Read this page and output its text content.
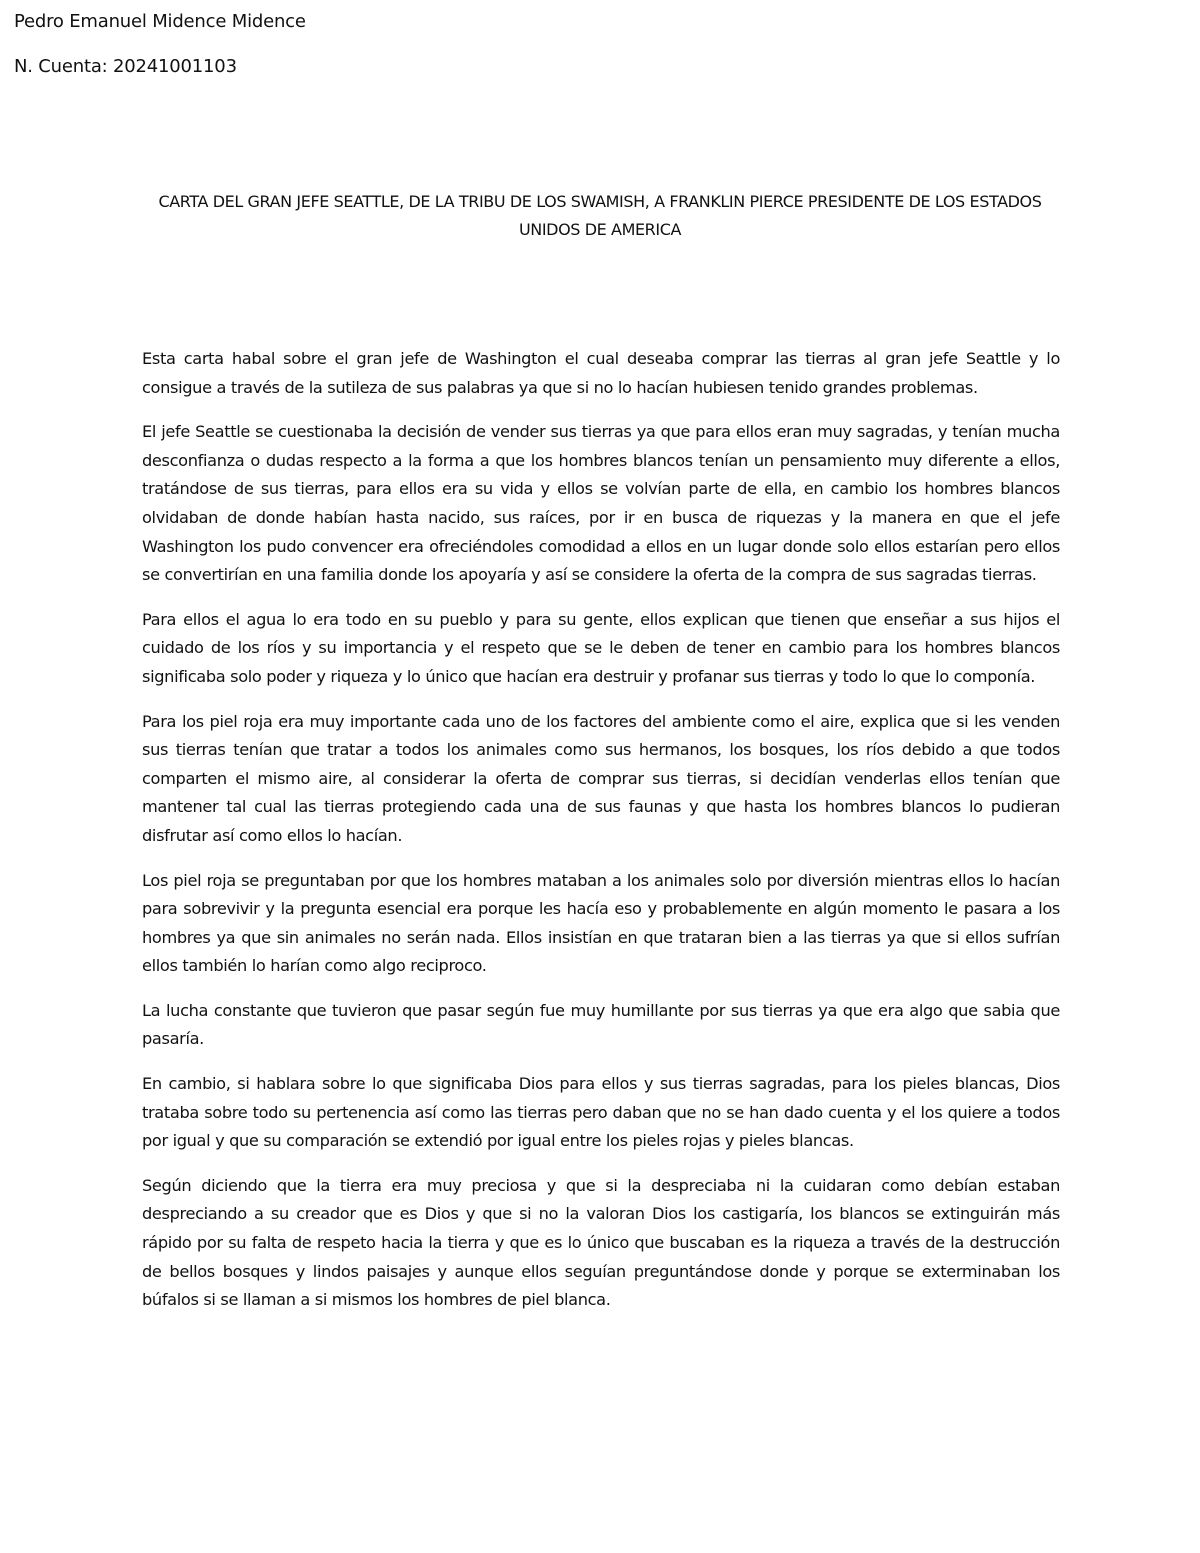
Pedro Emanuel Midence Midence
N. Cuenta: 20241001103
CARTA DEL GRAN JEFE SEATTLE, DE LA TRIBU DE LOS SWAMISH, A FRANKLIN PIERCE PRESIDENTE DE LOS ESTADOS UNIDOS DE AMERICA

Esta carta habal sobre el gran jefe de Washington el cual deseaba comprar las tierras al gran jefe Seattle y lo consigue a través de la sutileza de sus palabras ya que si no lo hacían hubiesen tenido grandes problemas.

El jefe Seattle se cuestionaba la decisión de vender sus tierras ya que para ellos eran muy sagradas, y tenían mucha desconfianza o dudas respecto a la forma a que los hombres blancos tenían un pensamiento muy diferente a ellos, tratándose de sus tierras, para ellos era su vida y ellos se volvían parte de ella, en cambio los hombres blancos olvidaban de donde habían hasta nacido, sus raíces, por ir en busca de riquezas y la manera en que el jefe Washington los pudo convencer era ofreciéndoles comodidad a ellos en un lugar donde solo ellos estarían pero ellos se convertirían en una familia donde los apoyaría y así se considere la oferta de la compra de sus sagradas tierras.

Para ellos el agua lo era todo en su pueblo y para su gente, ellos explican que tienen que enseñar a sus hijos el cuidado de los ríos y su importancia y el respeto que se le deben de tener en cambio para los hombres blancos significaba solo poder y riqueza y lo único que hacían era destruir y profanar sus tierras y todo lo que lo componía.

Para los piel roja era muy importante cada uno de los factores del ambiente como el aire, explica que si les venden sus tierras tenían que tratar a todos los animales como sus hermanos, los bosques, los ríos debido a que todos comparten el mismo aire, al considerar la oferta de comprar sus tierras, si decidían venderlas ellos tenían que mantener tal cual las tierras protegiendo cada una de sus faunas y que hasta los hombres blancos lo pudieran disfrutar así como ellos lo hacían.

Los piel roja se preguntaban por que los hombres mataban a los animales solo por diversión mientras ellos lo hacían para sobrevivir y la pregunta esencial era porque les hacía eso y probablemente en algún momento le pasara a los hombres ya que sin animales no serán nada. Ellos insistían en que trataran bien a las tierras ya que si ellos sufrían ellos también lo harían como algo reciproco.

La lucha constante que tuvieron que pasar según fue muy humillante por sus tierras ya que era algo que sabia que pasaría.

En cambio, si hablara sobre lo que significaba Dios para ellos y sus tierras sagradas, para los pieles blancas, Dios trataba sobre todo su pertenencia así como las tierras pero daban que no se han dado cuenta y el los quiere a todos por igual y que su comparación se extendió por igual entre los pieles rojas y pieles blancas.

Según diciendo que la tierra era muy preciosa y que si la despreciaba ni la cuidaran como debían estaban despreciando a su creador que es Dios y que si no la valoran Dios los castigaría, los blancos se extinguirán más rápido por su falta de respeto hacia la tierra y que es lo único que buscaban es la riqueza a través de la destrucción de bellos bosques y lindos paisajes y aunque ellos seguían preguntándose donde y porque se exterminaban los búfalos si se llaman a si mismos los hombres de piel blanca.
